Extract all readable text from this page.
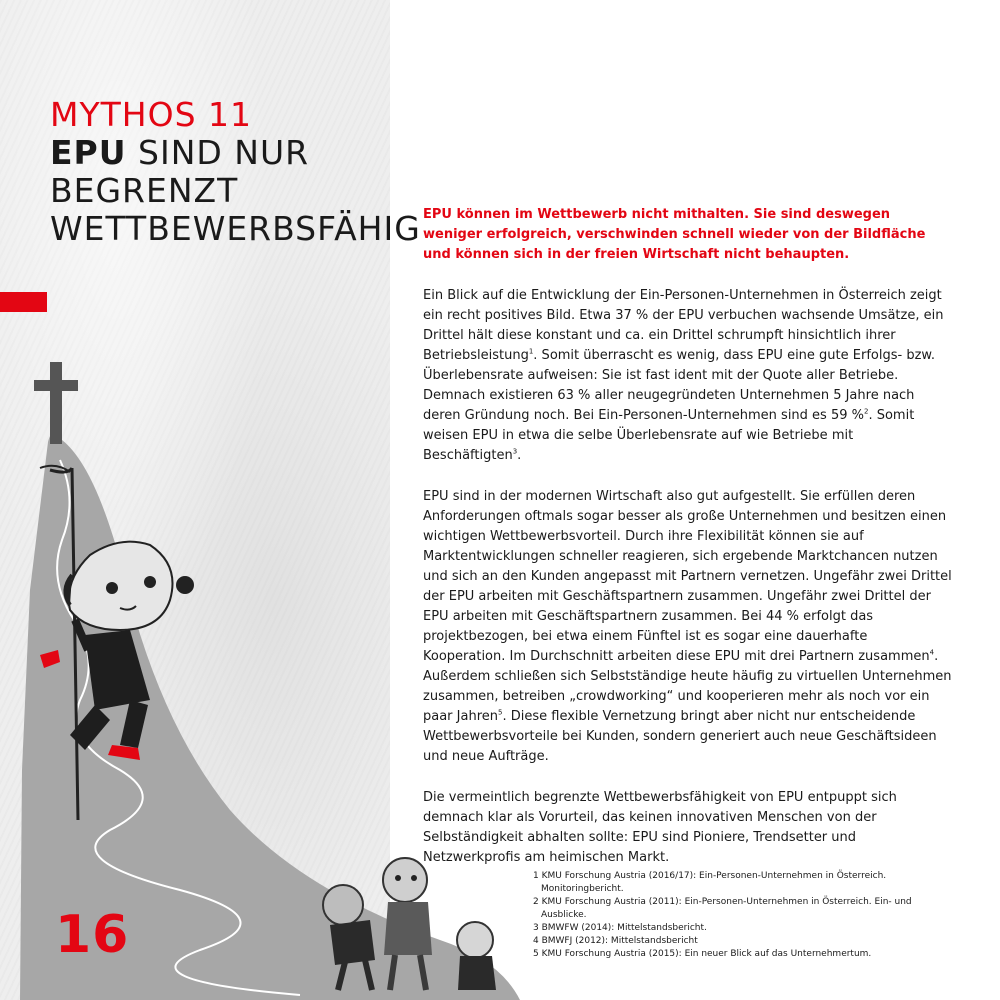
MYTHOS 11
EPU SIND NUR
BEGRENZT
WETTBEWERBSFÄHIG
16

EPU können im Wettbewerb nicht mithalten. Sie sind deswegen weniger erfolgreich, verschwinden schnell wieder von der Bildfläche und können sich in der freien Wirtschaft nicht behaupten.

Ein Blick auf die Entwicklung der Ein-Personen-Unternehmen in Österreich zeigt ein recht positives Bild. Etwa 37 % der EPU verbuchen wachsende Umsätze, ein Drittel hält diese konstant und ca. ein Drittel schrumpft hinsichtlich ihrer Betriebsleistung$^1$. Somit überrascht es wenig, dass EPU eine gute Erfolgs- bzw. Überlebensrate aufweisen: Sie ist fast ident mit der Quote aller Betriebe. Demnach existieren 63 % aller neugegründeten Unternehmen 5 Jahre nach deren Gründung noch. Bei Ein-Personen-Unternehmen sind es 59 %$^2$. Somit weisen EPU in etwa die selbe Überlebensrate auf wie Betriebe mit Beschäftigten$^3$.

EPU sind in der modernen Wirtschaft also gut aufgestellt. Sie erfüllen deren Anforderungen oftmals sogar besser als große Unternehmen und besitzen einen wichtigen Wettbewerbsvorteil. Durch ihre Flexibilität können sie auf Marktentwicklungen schneller reagieren, sich ergebende Marktchancen nutzen und sich an den Kunden angepasst mit Partnern vernetzen. Ungefähr zwei Drittel der EPU arbeiten mit Geschäftspartnern zusammen. Ungefähr zwei Drittel der EPU arbeiten mit Geschäftspartnern zusammen. Bei 44 % erfolgt das projektbezogen, bei etwa einem Fünftel ist es sogar eine dauerhafte Kooperation. Im Durchschnitt arbeiten diese EPU mit drei Partnern zusammen$^4$. Außerdem schließen sich Selbstständige heute häufig zu virtuellen Unternehmen zusammen, betreiben „crowdworking“ und kooperieren mehr als noch vor ein paar Jahren$^5$. Diese flexible Vernetzung bringt aber nicht nur entscheidende Wettbewerbsvorteile bei Kunden, sondern generiert auch neue Geschäftsideen und neue Aufträge.

Die vermeintlich begrenzte Wettbewerbsfähigkeit von EPU entpuppt sich demnach klar als Vorurteil, das keinen innovativen Menschen von der Selbständigkeit abhalten sollte: EPU sind Pioniere, Trendsetter und Netzwerkprofis am heimischen Markt.

1 KMU Forschung Austria (2016/17): Ein-Personen-Unternehmen in Österreich. Monitoringbericht.
2 KMU Forschung Austria (2011): Ein-Personen-Unternehmen in Österreich. Ein- und Ausblicke.
3 BMWFW (2014): Mittelstandsbericht.
4 BMWFJ (2012): Mittelstandsbericht
5 KMU Forschung Austria (2015): Ein neuer Blick auf das Unternehmertum.
